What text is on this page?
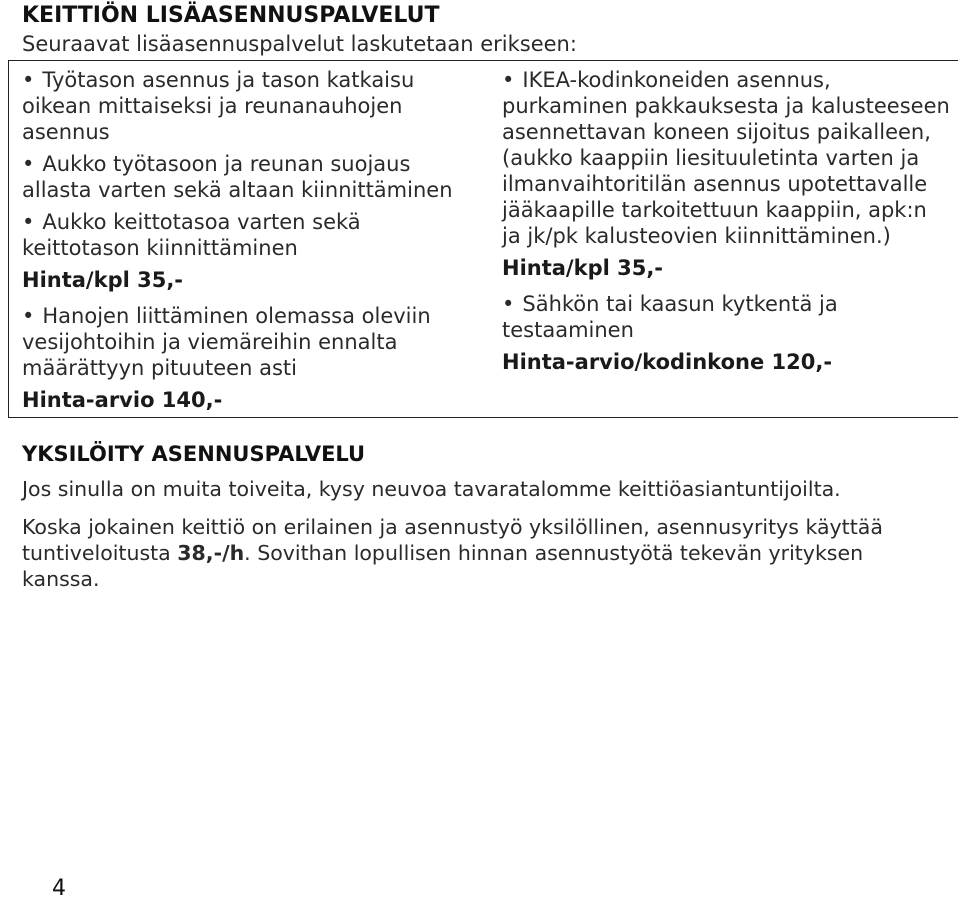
KEITTIÖN LISÄASENNUSPALVELUT
Seuraavat lisäasennuspalvelut laskutetaan erikseen:
• Työtason asennus ja tason katkaisu oikean mittaiseksi ja reunanauhojen asennus
• Aukko työtasoon ja reunan suojaus allasta varten sekä altaan kiinnittäminen
• Aukko keittotasoa varten sekä keittotason kiinnittäminen
Hinta/kpl 35,-
• Hanojen liittäminen olemassa oleviin vesijohtoihin ja viemäreihin ennalta määrättyyn pituuteen asti
Hinta-arvio 140,-
• IKEA-kodinkoneiden asennus, purkaminen pakkauksesta ja kalusteeseen asennettavan koneen sijoitus paikalleen, (aukko kaappiin liesituuletinta varten ja ilmanvaihtoritilän asennus upotettavalle jääkaapille tarkoitettuun kaappiin, apk:n ja jk/pk kalusteovien kiinnittäminen.)
Hinta/kpl 35,-
• Sähkön tai kaasun kytkentä ja testaaminen
Hinta-arvio/kodinkone 120,-
YKSILÖITY ASENNUSPALVELU

Jos sinulla on muita toiveita, kysy neuvoa tavaratalomme keittiöasiantuntijoilta.

Koska jokainen keittiö on erilainen ja asennustyö yksilöllinen, asennusyritys käyttää tuntiveloitusta 38,-/h. Sovithan lopullisen hinnan asennustyötä tekevän yrityksen kanssa.

4
